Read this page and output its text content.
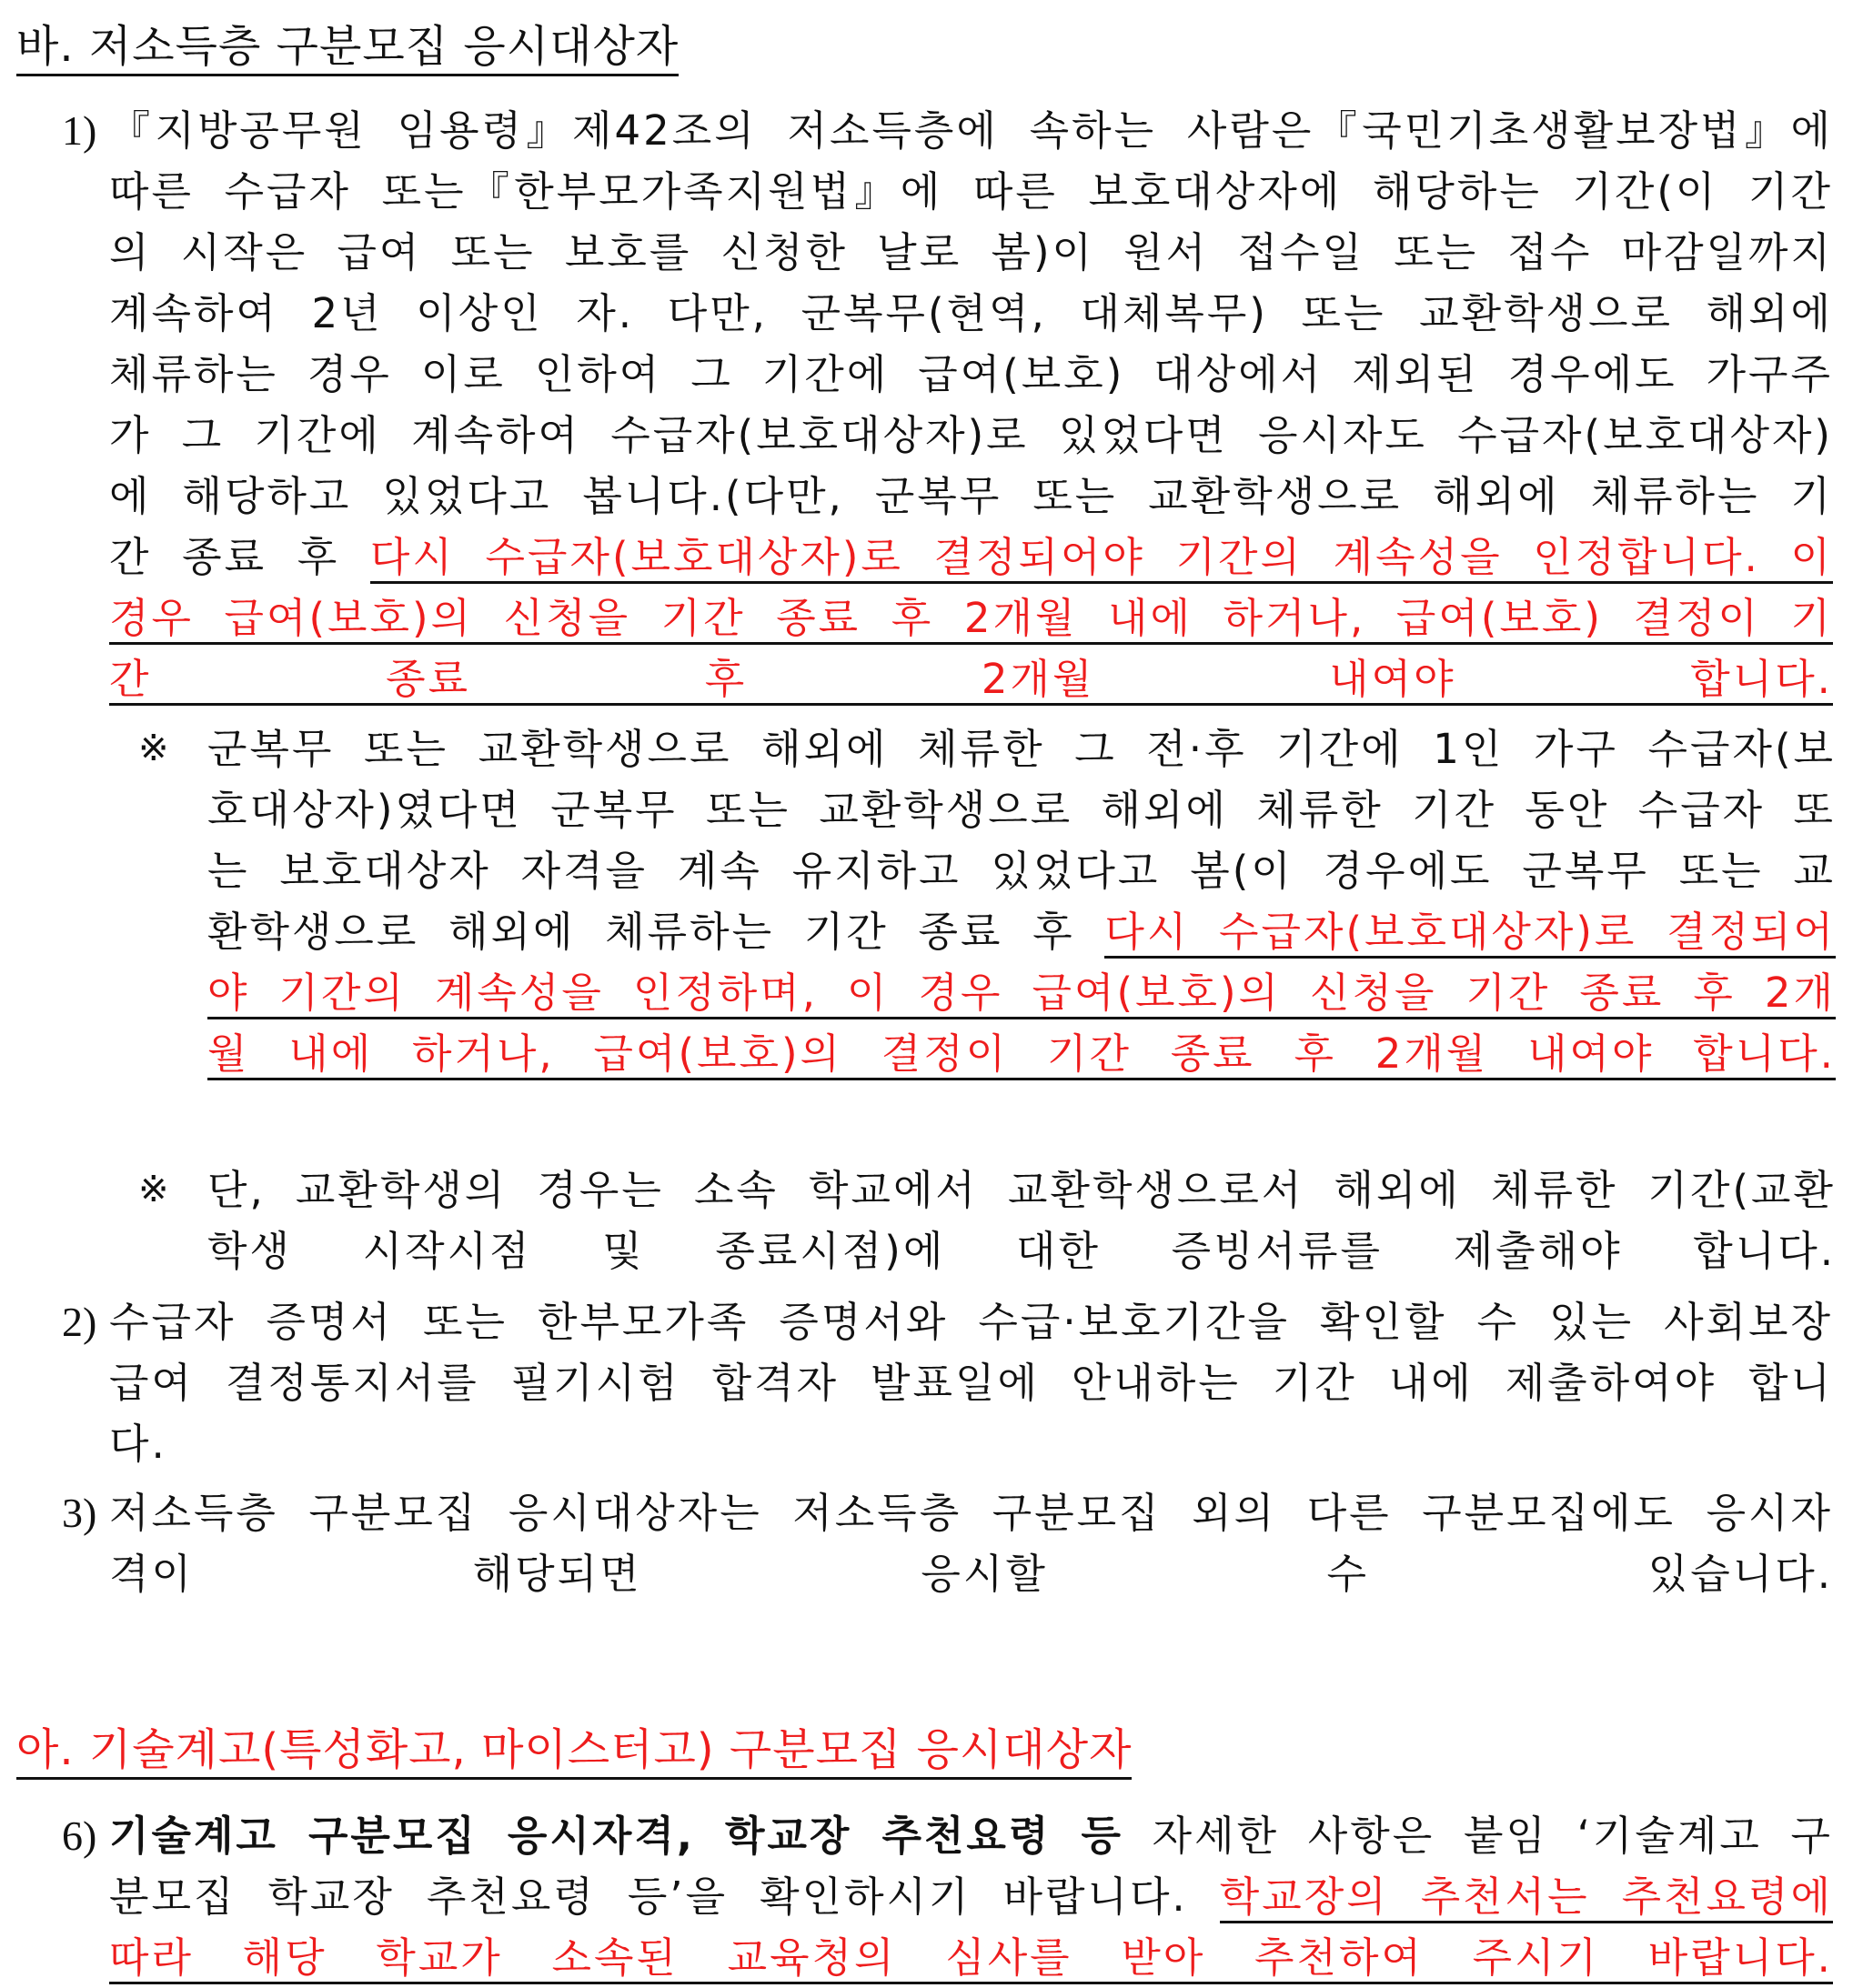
바. 저소득층 구분모집 응시대상자
1) 『지방공무원 임용령』제42조의 저소득층에 속하는 사람은『국민기초생활보장법』에 따른 수급자 또는『한부모가족지원법』에 따른 보호대상자에 해당하는 기간(이 기간의 시작은 급여 또는 보호를 신청한 날로 봄)이 원서 접수일 또는 접수 마감일까지 계속하여 2년 이상인 자. 다만, 군복무(현역, 대체복무) 또는 교환학생으로 해외에 체류하는 경우 이로 인하여 그 기간에 급여(보호) 대상에서 제외된 경우에도 가구주가 그 기간에 계속하여 수급자(보호대상자)로 있었다면 응시자도 수급자(보호대상자)에 해당하고 있었다고 봅니다.(다만, 군복무 또는 교환학생으로 해외에 체류하는 기간 종료 후 다시 수급자(보호대상자)로 결정되어야 기간의 계속성을 인정합니다. 이 경우 급여(보호)의 신청을 기간 종료 후 2개월 내에 하거나, 급여(보호) 결정이 기간 종료 후 2개월 내여야 합니다.
※ 군복무 또는 교환학생으로 해외에 체류한 그 전·후 기간에 1인 가구 수급자(보호대상자)였다면 군복무 또는 교환학생으로 해외에 체류한 기간 동안 수급자 또는 보호대상자 자격을 계속 유지하고 있었다고 봄(이 경우에도 군복무 또는 교환학생으로 해외에 체류하는 기간 종료 후 다시 수급자(보호대상자)로 결정되어야 기간의 계속성을 인정하며, 이 경우 급여(보호)의 신청을 기간 종료 후 2개월 내에 하거나, 급여(보호)의 결정이 기간 종료 후 2개월 내여야 합니다.
※ 단, 교환학생의 경우는 소속 학교에서 교환학생으로서 해외에 체류한 기간(교환학생 시작시점 및 종료시점)에 대한 증빙서류를 제출해야 합니다.
2) 수급자 증명서 또는 한부모가족 증명서와 수급·보호기간을 확인할 수 있는 사회보장급여 결정통지서를 필기시험 합격자 발표일에 안내하는 기간 내에 제출하여야 합니다.
3) 저소득층 구분모집 응시대상자는 저소득층 구분모집 외의 다른 구분모집에도 응시자격이 해당되면 응시할 수 있습니다.
아. 기술계고(특성화고, 마이스터고) 구분모집 응시대상자
6) 기술계고 구분모집 응시자격, 학교장 추천요령 등 자세한 사항은 붙임 ‘기술계고 구분모집 학교장 추천요령 등’을 확인하시기 바랍니다. 학교장의 추천서는 추천요령에 따라 해당 학교가 소속된 교육청의 심사를 받아 추천하여 주시기 바랍니다.
